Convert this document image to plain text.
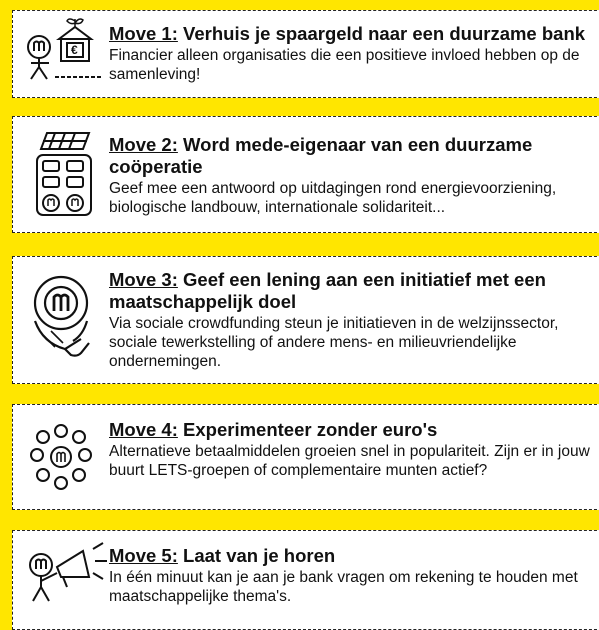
€
Move 1: Verhuis je spaargeld naar een duurzame bank
Financier alleen organisaties die een positieve invloed hebben op de samenleving!
Move 2: Word mede-eigenaar van een duurzame coöperatie
Geef mee een antwoord op uitdagingen rond energievoorziening, biologische landbouw, internationale solidariteit...
Move 3: Geef een lening aan een initiatief met een maatschappelijk doel
Via sociale crowdfunding steun je initiatieven in de welzijnssector, sociale tewerkstelling of andere mens- en milieuvriendelijke ondernemingen.
Move 4: Experimenteer zonder euro's
Alternatieve betaalmiddelen groeien snel in populariteit. Zijn er in jouw buurt LETS-groepen of complementaire munten actief?
Move 5: Laat van je horen
In één minuut kan je aan je bank vragen om rekening te houden met maatschappelijke thema's.
